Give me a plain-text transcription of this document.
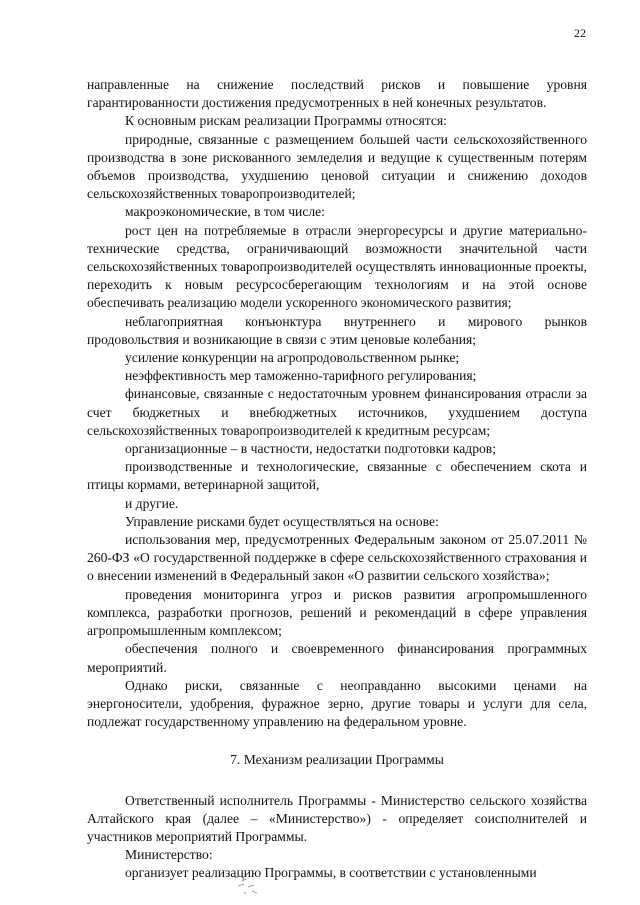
22

направленные на снижение последствий рисков и повышение уровня гарантированности достижения предусмотренных в ней конечных результатов.

К основным рискам реализации Программы относятся:

природные, связанные с размещением большей части сельскохозяйственного производства в зоне рискованного земледелия и ведущие к существенным потерям объемов производства, ухудшению ценовой ситуации и снижению доходов сельскохозяйственных товаропроизводителей;

макроэкономические, в том числе:

рост цен на потребляемые в отрасли энергоресурсы и другие материально-технические средства, ограничивающий возможности значительной части сельскохозяйственных товаропроизводителей осуществлять инновационные проекты, переходить к новым ресурсосберегающим технологиям и на этой основе обеспечивать реализацию модели ускоренного экономического развития;

неблагоприятная конъюнктура внутреннего и мирового рынков продовольствия и возникающие в связи с этим ценовые колебания;

усиление конкуренции на агропродовольственном рынке;

неэффективность мер таможенно-тарифного регулирования;

финансовые, связанные с недостаточным уровнем финансирования отрасли за счет бюджетных и внебюджетных источников, ухудшением доступа сельскохозяйственных товаропроизводителей к кредитным ресурсам;

организационные – в частности, недостатки подготовки кадров;

производственные и технологические, связанные с обеспечением скота и птицы кормами, ветеринарной защитой,

и другие.

Управление рисками будет осуществляться на основе:

использования мер, предусмотренных Федеральным законом от 25.07.2011 № 260-ФЗ «О государственной поддержке в сфере сельскохозяйственного страхования и о внесении изменений в Федеральный закон «О развитии сельского хозяйства»;

проведения мониторинга угроз и рисков развития агропромышленного комплекса, разработки прогнозов, решений и рекомендаций в сфере управления агропромышленным комплексом;

обеспечения полного и своевременного финансирования программных мероприятий.

Однако риски, связанные с неоправданно высокими ценами на энергоносители, удобрения, фуражное зерно, другие товары и услуги для села, подлежат государственному управлению на федеральном уровне.

7. Механизм реализации Программы

Ответственный исполнитель Программы - Министерство сельского хозяйства Алтайского края (далее – «Министерство») - определяет соисполнителей и участников мероприятий Программы.

Министерство:

организует реализацию Программы, в соответствии с установленными
